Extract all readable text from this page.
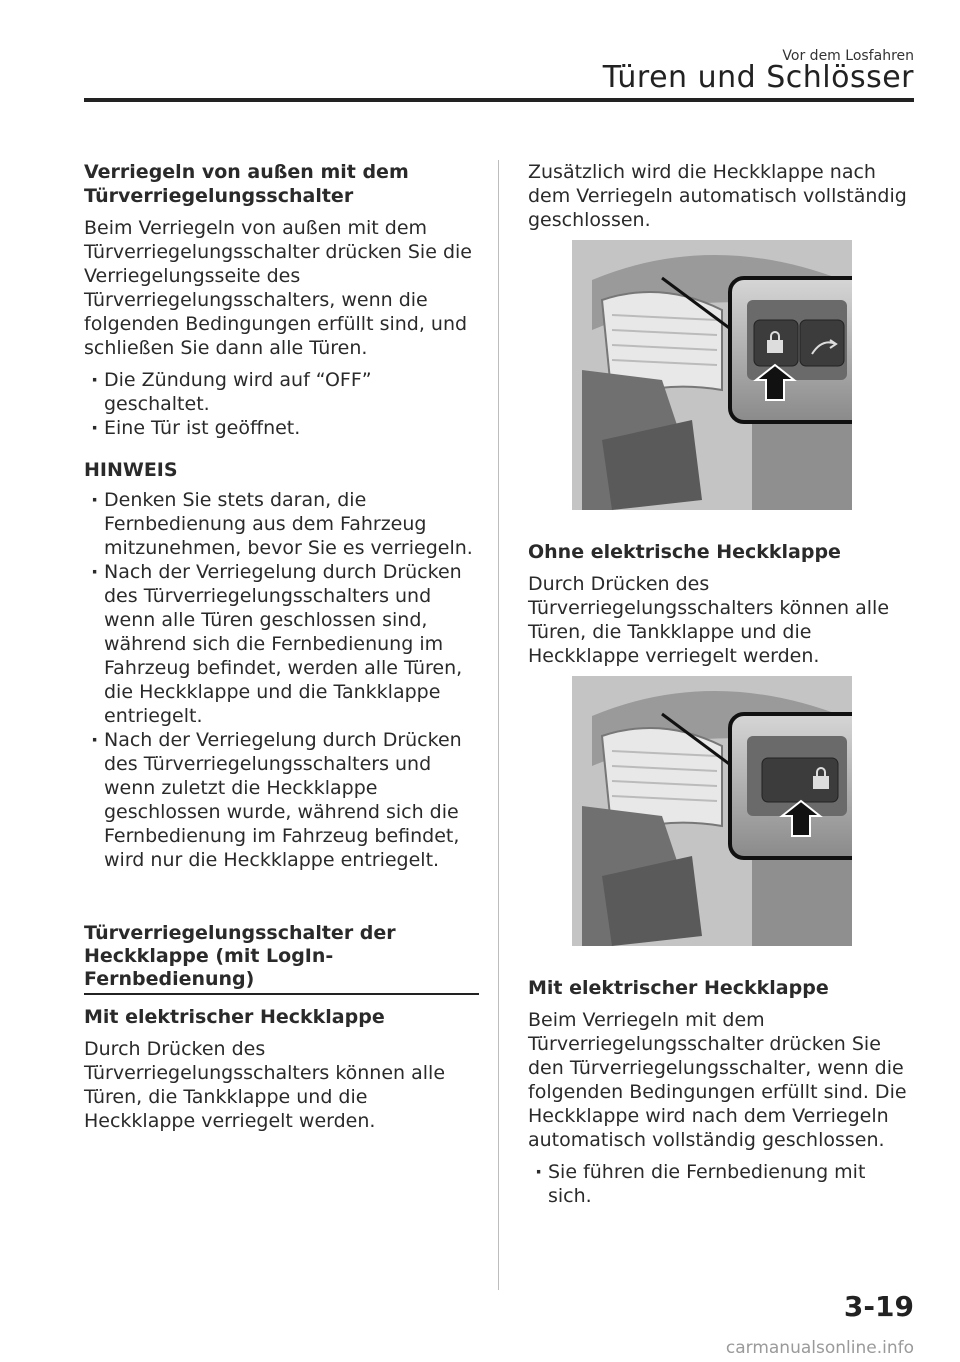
Vor dem Losfahren
Türen und Schlösser
Verriegeln von außen mit dem Türverriegelungsschalter

Beim Verriegeln von außen mit dem Türverriegelungsschalter drücken Sie die Verriegelungsseite des Türverriegelungsschalters, wenn die folgenden Bedingungen erfüllt sind, und schließen Sie dann alle Türen.

· Die Zündung wird auf “OFF” geschaltet.
· Eine Tür ist geöffnet.
HINWEIS
· Denken Sie stets daran, die Fernbedienung aus dem Fahrzeug mitzunehmen, bevor Sie es verriegeln.
· Nach der Verriegelung durch Drücken des Türverriegelungsschalters und wenn alle Türen geschlossen sind, während sich die Fernbedienung im Fahrzeug befindet, werden alle Türen, die Heckklappe und die Tankklappe entriegelt.
· Nach der Verriegelung durch Drücken des Türverriegelungsschalters und wenn zuletzt die Heckklappe geschlossen wurde, während sich die Fernbedienung im Fahrzeug befindet, wird nur die Heckklappe entriegelt.
Türverriegelungsschalter der Heckklappe (mit LogIn-Fernbedienung)
Mit elektrischer Heckklappe

Durch Drücken des Türverriegelungsschalters können alle Türen, die Tankklappe und die Heckklappe verriegelt werden.

Zusätzlich wird die Heckklappe nach dem Verriegeln automatisch vollständig geschlossen.

Ohne elektrische Heckklappe

Durch Drücken des Türverriegelungsschalters können alle Türen, die Tankklappe und die Heckklappe verriegelt werden.

Mit elektrischer Heckklappe

Beim Verriegeln mit dem Türverriegelungsschalter drücken Sie den Türverriegelungsschalter, wenn die folgenden Bedingungen erfüllt sind. Die Heckklappe wird nach dem Verriegeln automatisch vollständig geschlossen.

· Sie führen die Fernbedienung mit sich.
3-19
carmanualsonline.info
